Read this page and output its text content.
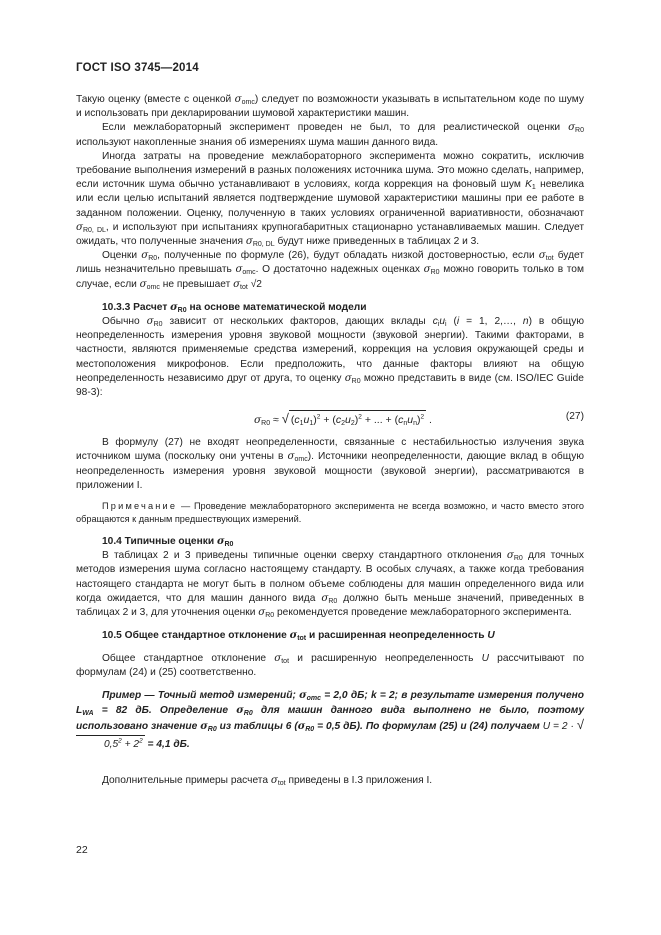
ГОСТ ISO 3745—2014

Такую оценку (вместе с оценкой $\sigma_{omc}$) следует по возможности указывать в испытательном коде по шуму и использовать при декларировании шумовой характеристики машин.

Если межлабораторный эксперимент проведен не был, то для реалистической оценки $\sigma_{R0}$ используют накопленные знания об измерениях шума машин данного вида.

Иногда затраты на проведение межлабораторного эксперимента можно сократить, исключив требование выполнения измерений в разных положениях источника шума. Это можно сделать, например, если источник шума обычно устанавливают в условиях, когда коррекция на фоновый шум $K_1$ невелика или если целью испытаний является подтверждение шумовой характеристики машины при ее работе в заданном положении. Оценку, полученную в таких условиях ограниченной вариативности, обозначают $\sigma_{R0, DL}$, и используют при испытаниях крупногабаритных стационарно устанавливаемых машин. Следует ожидать, что полученные значения $\sigma_{R0, DL}$ будут ниже приведенных в таблицах 2 и 3.

Оценки $\sigma_{R0}$, полученные по формуле (26), будут обладать низкой достоверностью, если $\sigma_{tot}$ будет лишь незначительно превышать $\sigma_{omc}$. О достаточно надежных оценках $\sigma_{R0}$ можно говорить только в том случае, если $\sigma_{omc}$ не превышает $\sigma_{tot}$ √2

10.3.3 Расчет $\sigma_{R0}$ на основе математической модели

Обычно $\sigma_{R0}$ зависит от нескольких факторов, дающих вклады $c_iu_i$ (i = 1, 2,…, n) в общую неопределенность измерения уровня звуковой мощности (звуковой энергии). Такими факторами, в частности, являются применяемые средства измерений, коррекция на условия окружающей среды и местоположения микрофонов. Если предположить, что данные факторы влияют на общую неопределенность независимо друг от друга, то оценку $\sigma_{R0}$ можно представить в виде (см. ISO/IEC Guide 98-3):

$\sigma_{R0}$ ≈ √ $(c_1u_1)^2 + (c_2u_2)^2$ + ... + $(c_nu_n)^2$ .	(27)

В формулу (27) не входят неопределенности, связанные с нестабильностью излучения звука источником шума (поскольку они учтены в $\sigma_{omc}$). Источники неопределенности, дающие вклад в общую неопределенность измерения уровня звуковой мощности (звуковой энергии), рассматриваются в приложении I.

Примечание — Проведение межлабораторного эксперимента не всегда возможно, и часто вместо этого обращаются к данным предшествующих измерений.

10.4 Типичные оценки $\sigma_{R0}$

В таблицах 2 и 3 приведены типичные оценки сверху стандартного отклонения $\sigma_{R0}$ для точных методов измерения шума согласно настоящему стандарту. В особых случаях, а также когда требования настоящего стандарта не могут быть в полном объеме соблюдены для машин определенного вида или когда ожидается, что для машин данного вида $\sigma_{R0}$ должно быть меньше значений, приведенных в таблицах 2 и 3, для уточнения оценки $\sigma_{R0}$ рекомендуется проведение межлабораторного эксперимента.

10.5 Общее стандартное отклонение $\sigma_{tot}$ и расширенная неопределенность U

Общее стандартное отклонение $\sigma_{tot}$ и расширенную неопределенность U рассчитывают по формулам (24) и (25) соответственно.

Пример — Точный метод измерений; $\sigma_{omc} = 2,0$ дБ; k = 2; в результате измерения получено $L_{WA} = 82$ дБ. Определение $\sigma_{R0}$ для машин данного вида выполнено не было, поэтому использовано значение $\sigma_{R0}$ из таблицы 6 ($\sigma_{R0} = 0,5$ дБ). По формулам (25) и (24) получаем $U = 2 \cdot √0,5^2 + 2^2 = 4,1$ дБ.

Дополнительные примеры расчета $\sigma_{tot}$ приведены в I.3 приложения I.

22
